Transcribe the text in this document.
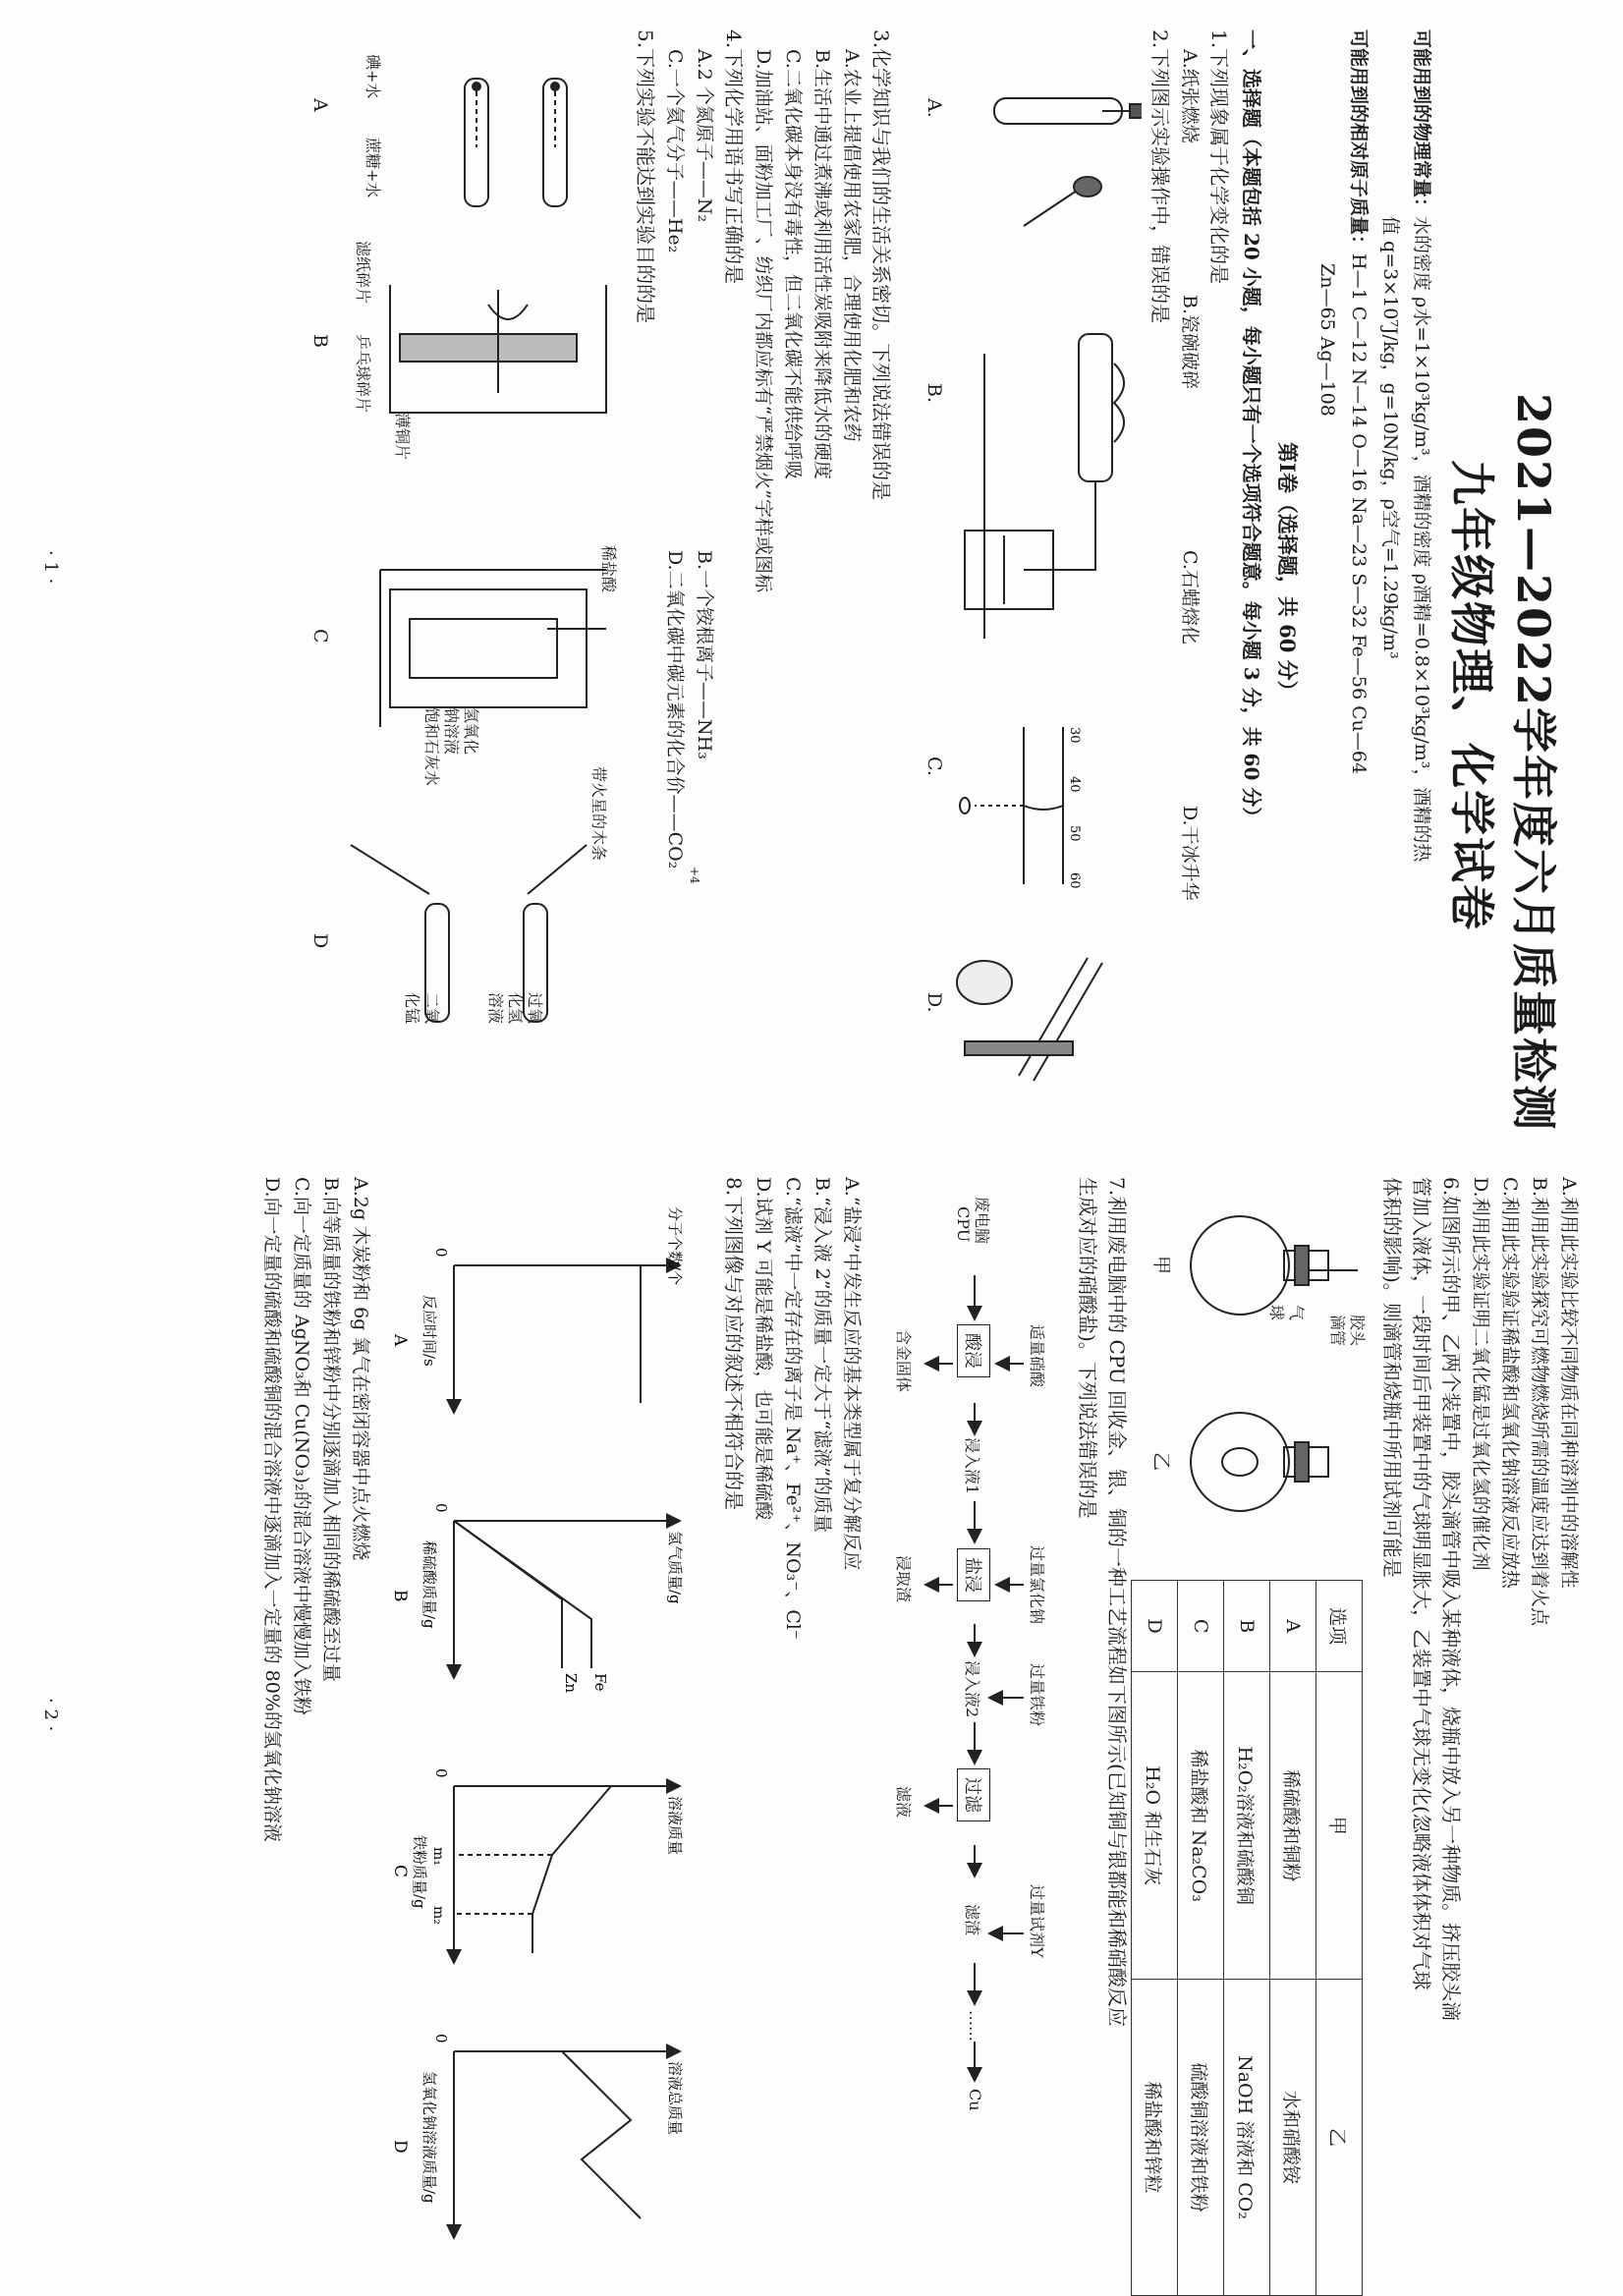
2021—2022学年度六月质量检测
九年级物理、化学试卷
可能用到的物理常量：水的密度 ρ水=1×10³kg/m³，酒精的密度 ρ酒精=0.8×10³kg/m³，酒精的热
值 q=3×10⁷J/kg，g=10N/kg，ρ空气=1.29kg/m³
可能用到的相对原子质量：H—1 C—12 N—14 O—16 Na—23 S—32 Fe—56 Cu—64
Zn—65 Ag—108
第Ⅰ卷（选择题，共 60 分）
一、选择题（本题包括 20 小题，每小题只有一个选项符合题意。每小题 3 分，共 60 分）
1.下列现象属于化学变化的是
A.纸张燃烧
B.瓷碗破碎
C.石蜡熔化
D.干冰升华
2.下列图示实验操作中，错误的是
30
40
50
60
A.
B.
C.
D.
3.化学知识与我们的生活关系密切。下列说法错误的是
A.农业上提倡使用农家肥，合理使用化肥和农药
B.生活中通过煮沸或利用活性炭吸附来降低水的硬度
C.二氧化碳本身没有毒性，但二氧化碳不能供给呼吸
D.加油站、面粉加工厂、纺织厂内都应标有“严禁烟火”字样或图标
4.下列化学用语书写正确的是
A.2 个氮原子——N₂
B.一个铵根离子——NH₃
C.一个氦气分子——He₂
D.二氧化碳中碳元素的化合价——CO₂
+4
5.下列实验不能达到实验目的的是
A
B
C
D
碘+水
蔗糖+水
滤纸碎片
乒乓球碎片
薄铜片
稀盐酸
氢氧化
钠溶液
饱和石灰水
带火星的木条
过氧
化氢
溶液
二氧
化锰
· 1 ·
A.利用此实验比较不同物质在同种溶剂中的溶解性
B.利用此实验探究可燃物燃烧所需的温度应达到着火点
C.利用此实验验证稀盐酸和氢氧化钠溶液反应放热
D.利用此实验证明二氧化锰是过氧化氢的催化剂
6.如图所示的甲、乙两个装置中，胶头滴管中吸入某种液体，烧瓶中放入另一种物质。挤压胶头滴
管加入液体，一段时间后甲装置中的气球明显胀大，乙装置中气球无变化(忽略液体体积对气球
体积的影响)。则滴管和烧瓶中所用试剂可能是
胶头
滴管
气
球
甲
乙
选项	甲	乙
A	稀硫酸和铜粉	水和硝酸铵
B	H₂O₂溶液和硫酸铜	NaOH 溶液和 CO₂
C	稀盐酸和 Na₂CO₃	硫酸铜溶液和铁粉
D	H₂O 和生石灰	稀盐酸和锌粒
7.利用废电脑中的 CPU 回收金、银、铜的一种工艺流程如下图所示(已知铜与银都能和稀硝酸反应
生成对应的硝酸盐)。下列说法错误的是
废电脑
CPU
适量硝酸
酸浸
浸入液1
过量氯化钠
盐浸
浸入液2	过量铁粉
过滤
过量试剂Y
滤渣
……
Cu
含金固体
浸取渣
滤液
A.“盐浸”中发生反应的基本类型属于复分解反应
B.“浸入液 2”的质量一定大于“滤液”的质量
C.“滤液”中一定存在的离子是 Na⁺、Fe²⁺、NO₃⁻、Cl⁻
D.试剂 Y 可能是稀盐酸，也可能是稀硫酸
8.下列图像与对应的叙述不相符合的是
0	分子个数/个
反应时间/s
A
0
氢气质量/g
稀硫酸质量/g
Fe
Zn
B
0
溶液质量
m₁
m₂
铁粉质量/g
C
0
溶液总质量
氢氧化钠溶液质量/g
D
A.2g 木炭粉和 6g 氧气在密闭容器中点火燃烧
B.向等质量的铁粉和锌粉中分别逐滴加入相同的稀硫酸至过量
C.向一定质量的 AgNO₃和 Cu(NO₃)₂的混合溶液中慢慢加入铁粉
D.向一定量的硫酸和硫酸铜的混合溶液中逐滴加入一定量的 80%的氢氧化钠溶液
· 2 ·
